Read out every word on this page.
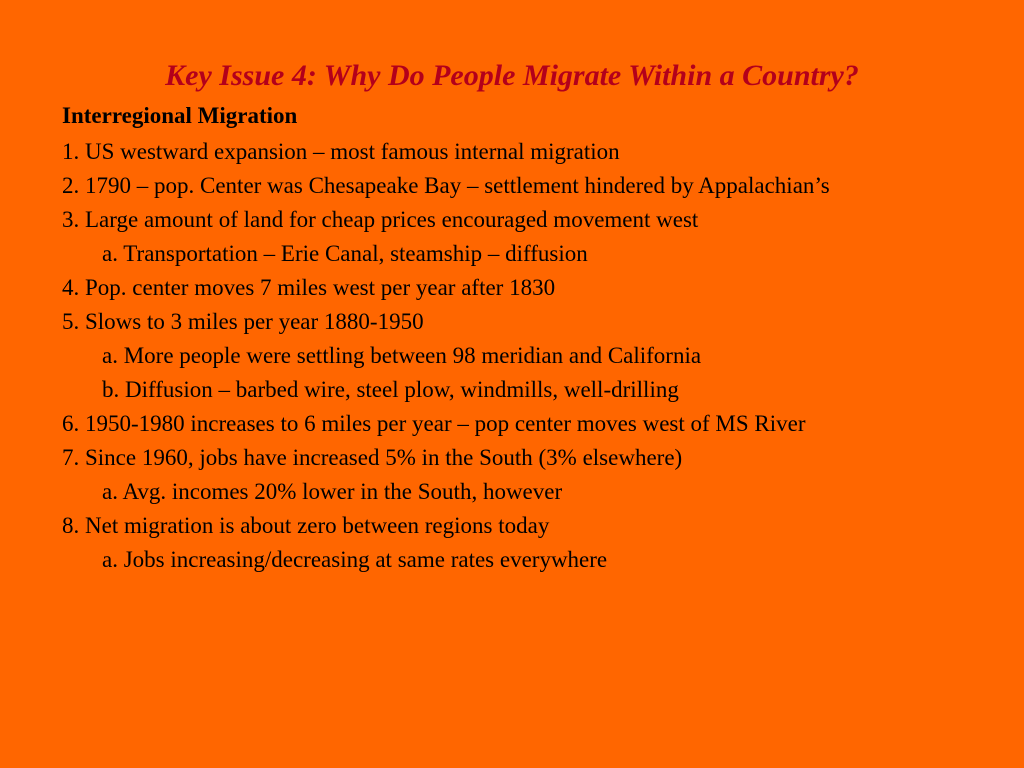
Key Issue 4: Why Do People Migrate Within a Country?
Interregional Migration
1. US westward expansion – most famous internal migration
2. 1790 – pop. Center was Chesapeake Bay – settlement hindered by Appalachian’s
3. Large amount of land for cheap prices encouraged movement west
a. Transportation – Erie Canal, steamship – diffusion
4. Pop. center moves 7 miles west per year after 1830
5. Slows to 3 miles per year 1880-1950
a. More people were settling between 98 meridian and California
b. Diffusion – barbed wire, steel plow, windmills, well-drilling
6. 1950-1980 increases to 6 miles per year – pop center moves west of MS River
7. Since 1960, jobs have increased 5% in the South (3% elsewhere)
a. Avg. incomes 20% lower in the South, however
8. Net migration is about zero between regions today
a. Jobs increasing/decreasing at same rates everywhere
